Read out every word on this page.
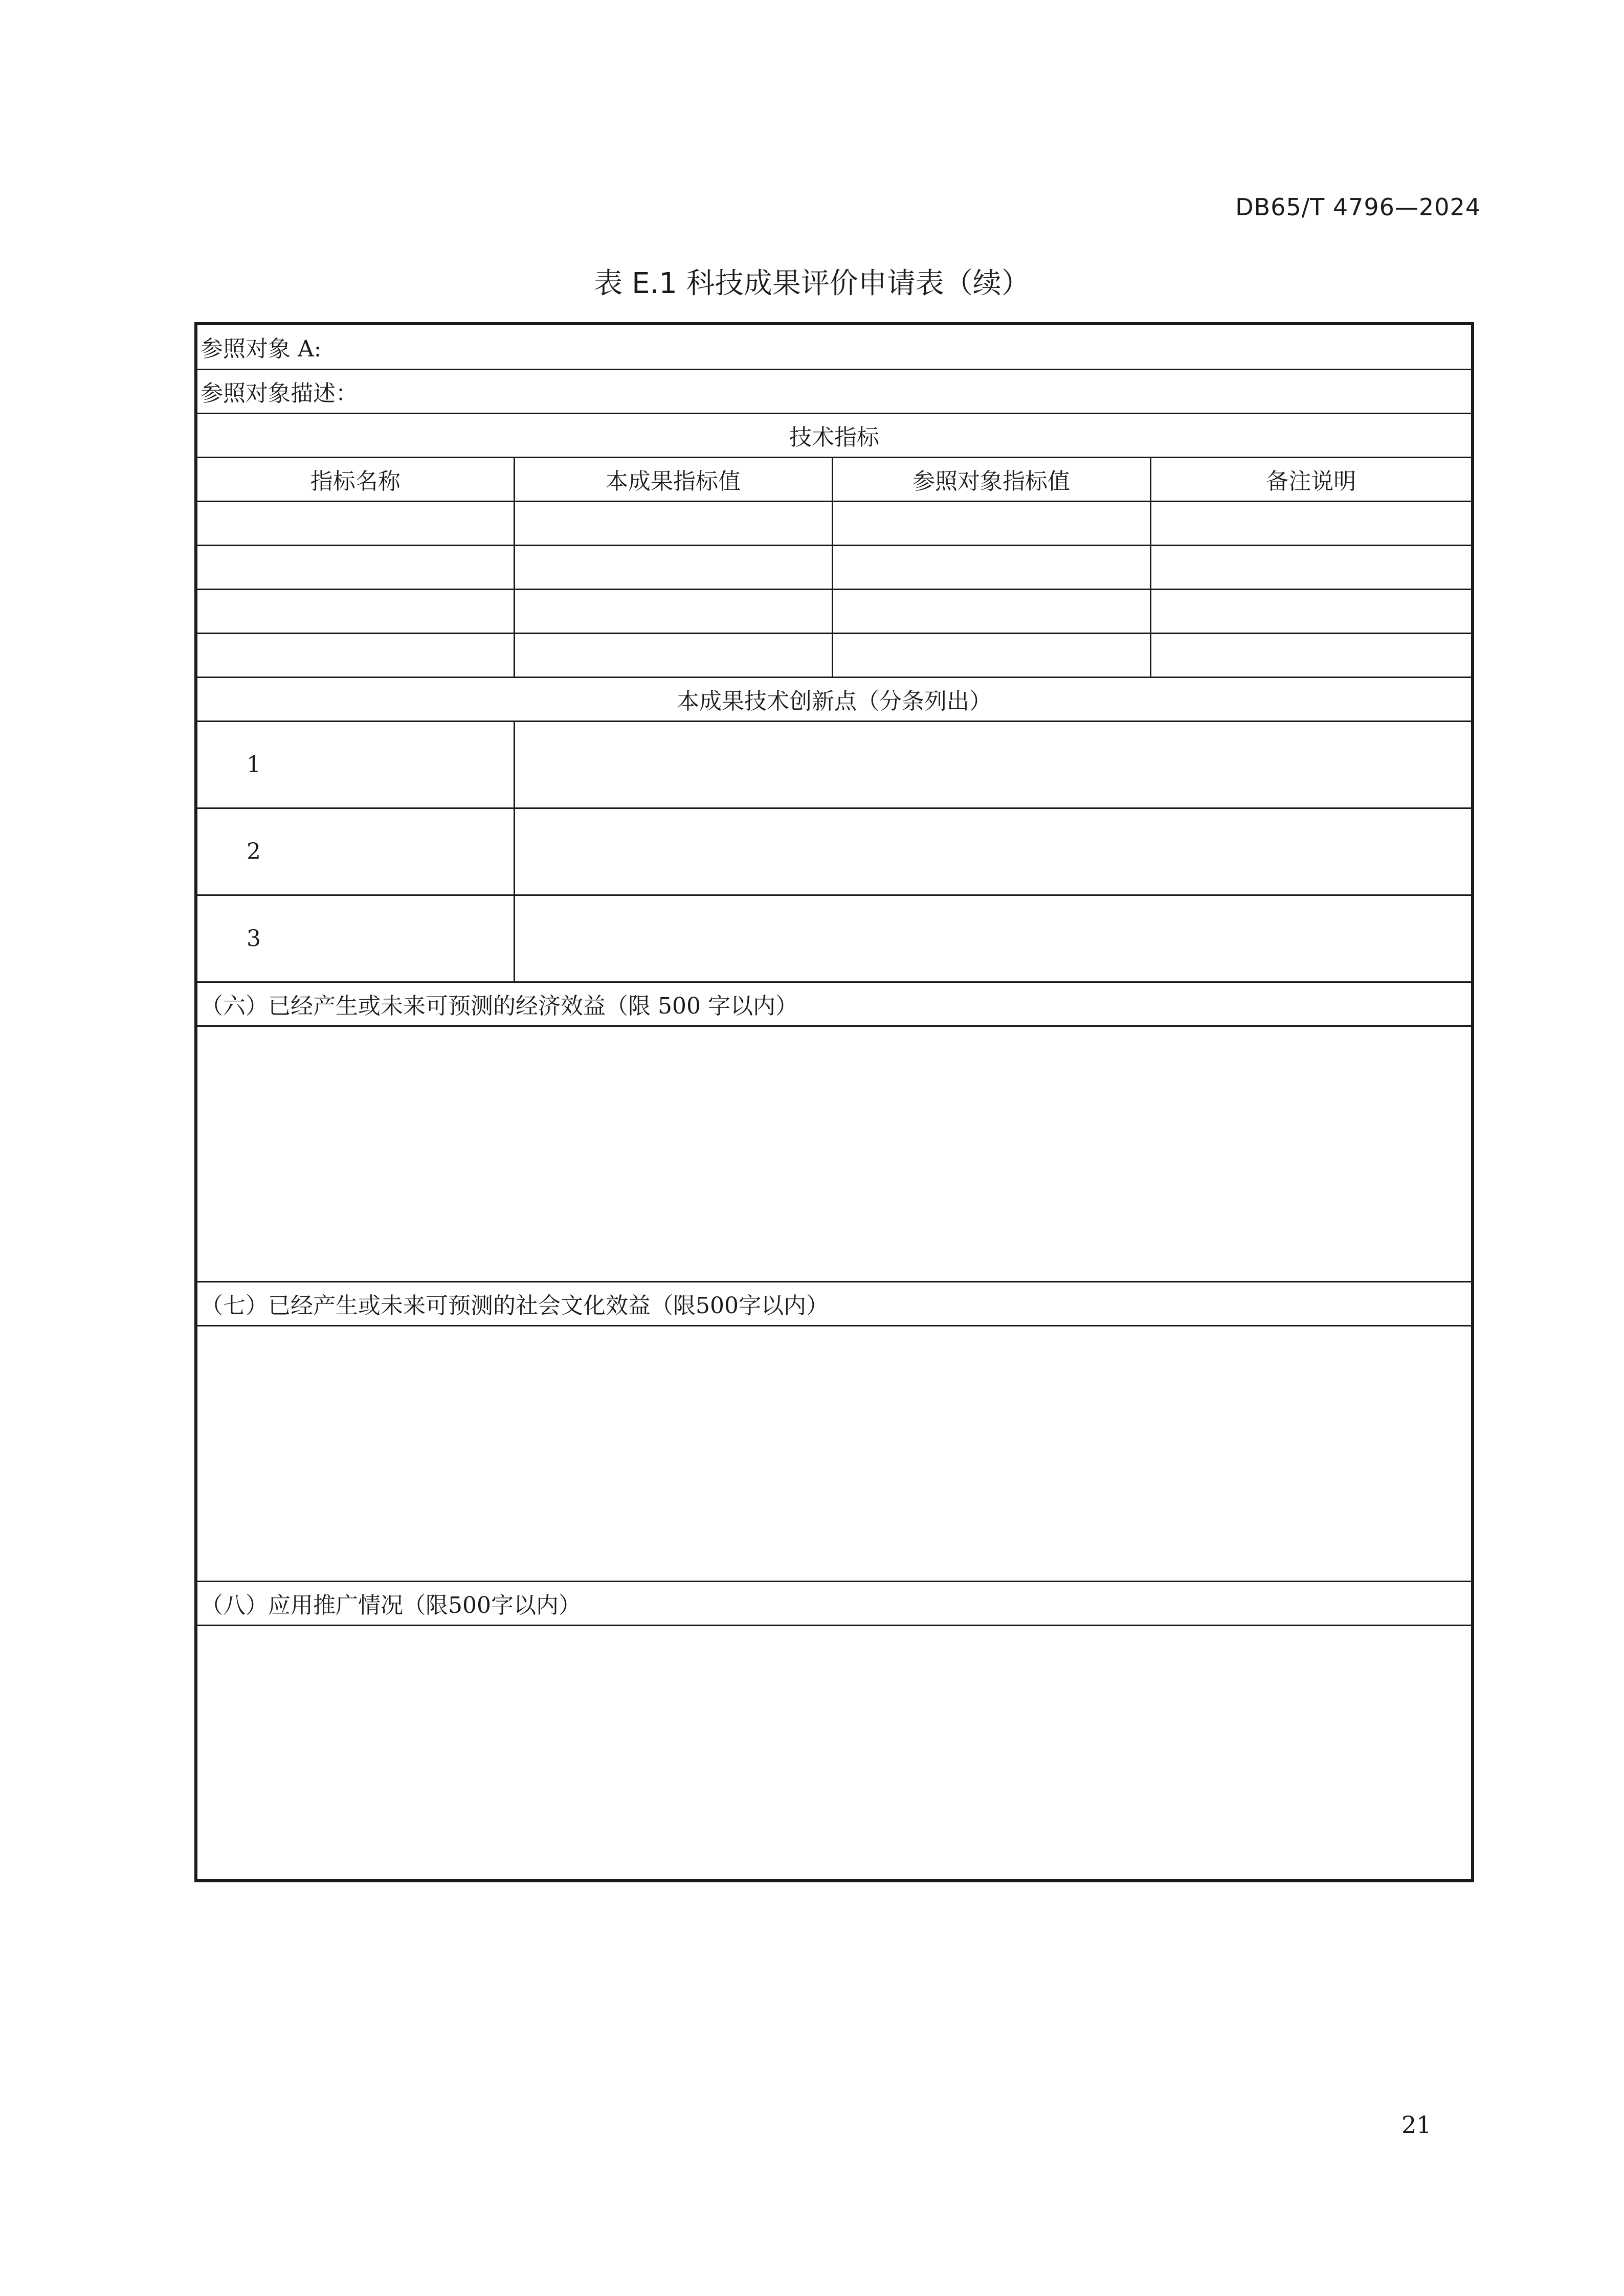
DB65/T 4796—2024
表 E.1 科技成果评价申请表（续）
参照对象 A:			
参照对象描述：			
技术指标			
指标名称	本成果指标值	参照对象指标值	备注说明

本成果技术创新点（分条列出）			
1			
2			
3			
（六）已经产生或未来可预测的经济效益（限 500 字以内）			

（七）已经产生或未来可预测的社会文化效益（限500字以内）			

（八）应用推广情况（限500字以内）			

21
